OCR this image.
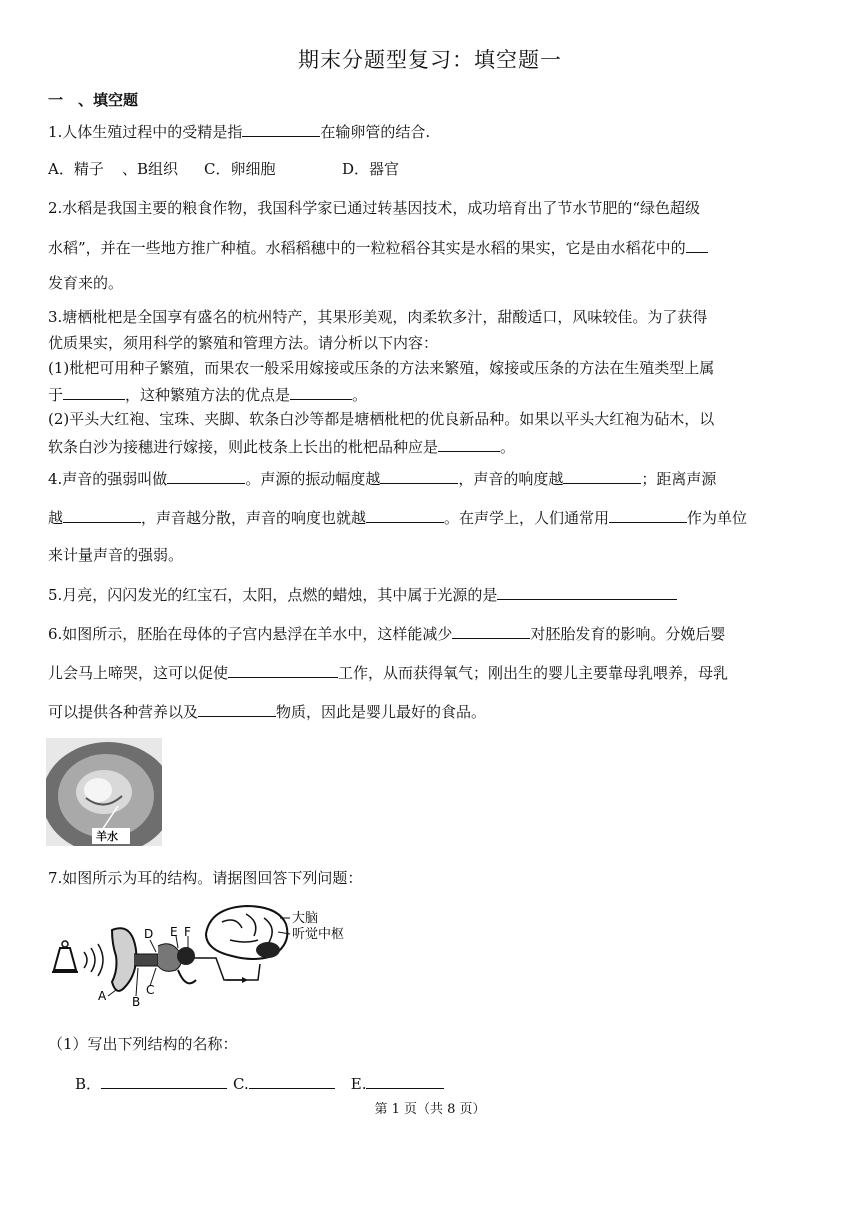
期末分题型复习：填空题一
一　、填空题
1.人体生殖过程中的受精是指	在输卵管的结合.
A．精子 、B组织 C．卵细胞	D．器官
2.水稻是我国主要的粮食作物，我国科学家已通过转基因技术，成功培育出了节水节肥的“绿色超级
水稻”，并在一些地方推广种植。水稻稻穗中的一粒粒稻谷其实是水稻的果实，它是由水稻花中的
发育来的。
3.塘栖枇杷是全国享有盛名的杭州特产，其果形美观，肉柔软多汁，甜酸适口，风味较佳。为了获得
优质果实，须用科学的繁殖和管理方法。请分析以下内容：
(1)枇杷可用种子繁殖，而果农一般采用嫁接或压条的方法来繁殖，嫁接或压条的方法在生殖类型上属
于	，这种繁殖方法的优点是	。
(2)平头大红袍、宝珠、夹脚、软条白沙等都是塘栖枇杷的优良新品种。如果以平头大红袍为砧木，以
软条白沙为接穗进行嫁接，则此枝条上长出的枇杷品种应是	。
4.声音的强弱叫做	。声源的振动幅度越	，声音的响度越	；距离声源
越	，声音越分散，声音的响度也就越	。在声学上，人们通常用	作为单位
来计量声音的强弱。
5.月亮，闪闪发光的红宝石，太阳，点燃的蜡烛，其中属于光源的是
6.如图所示，胚胎在母体的子宫内悬浮在羊水中，这样能减少	对胚胎发育的影响。分娩后婴
儿会马上啼哭，这可以促使	工作，从而获得氧气；刚出生的婴儿主要靠母乳喂养，母乳
可以提供各种营养以及	物质，因此是婴儿最好的食品。
羊水
7.如图所示为耳的结构。请据图回答下列问题：
D E F
A B
C
大脑
听觉中枢
（1）写出下列结构的名称：
B．	C.	E.
第 1 页（共 8 页）
